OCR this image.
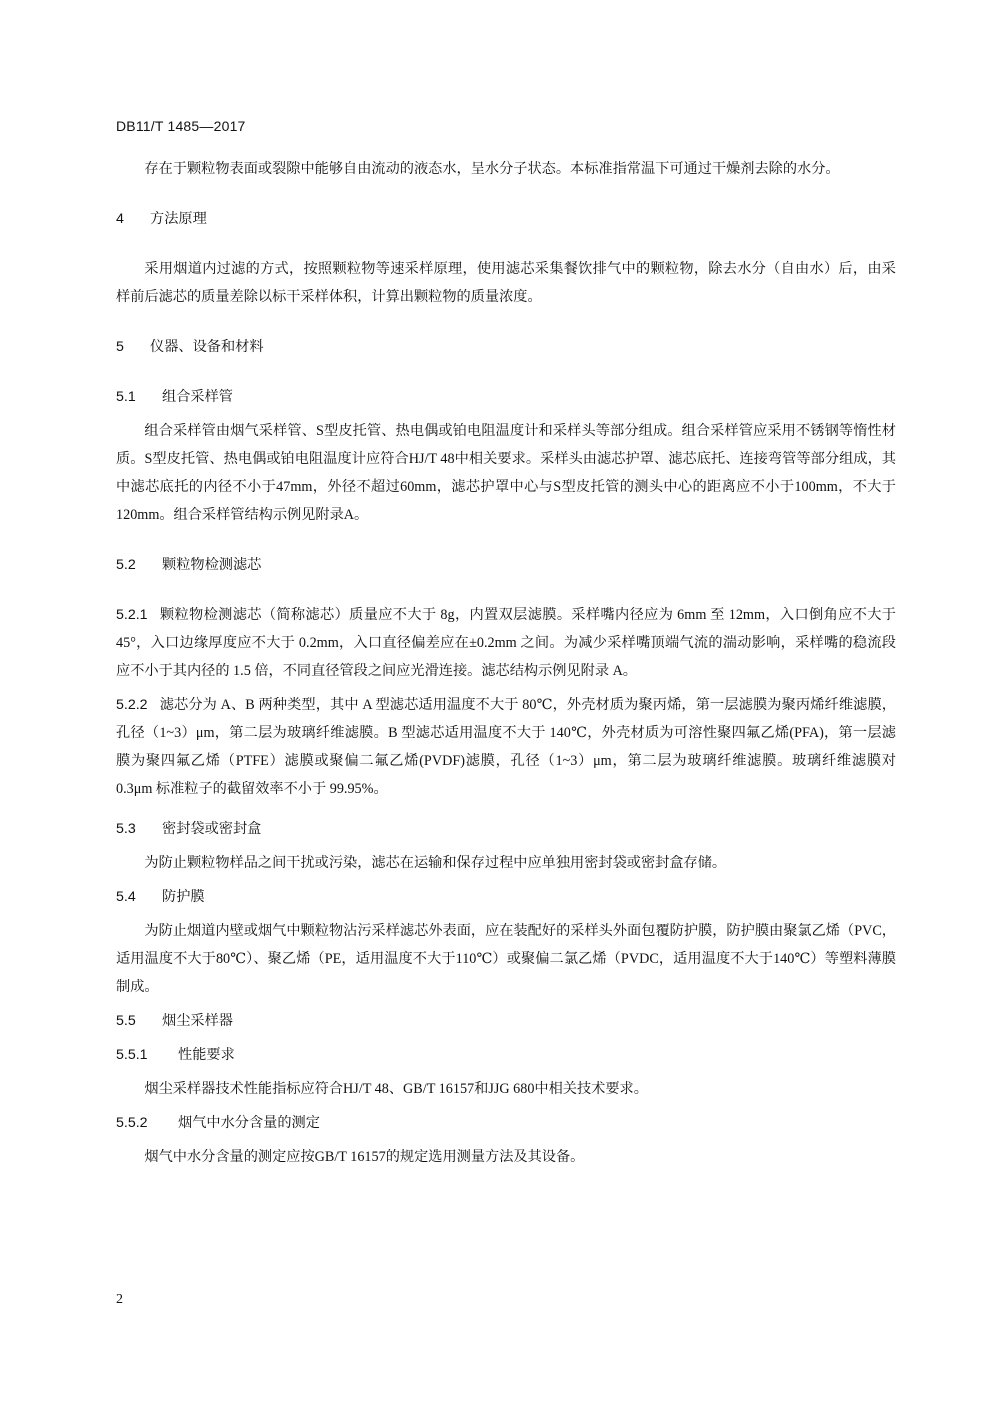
DB11/T 1485—2017

存在于颗粒物表面或裂隙中能够自由流动的液态水，呈水分子状态。本标准指常温下可通过干燥剂去除的水分。

4 方法原理

采用烟道内过滤的方式，按照颗粒物等速采样原理，使用滤芯采集餐饮排气中的颗粒物，除去水分（自由水）后，由采样前后滤芯的质量差除以标干采样体积，计算出颗粒物的质量浓度。

5 仪器、设备和材料

5.1 组合采样管

组合采样管由烟气采样管、S型皮托管、热电偶或铂电阻温度计和采样头等部分组成。组合采样管应采用不锈钢等惰性材质。S型皮托管、热电偶或铂电阻温度计应符合HJ/T 48中相关要求。采样头由滤芯护罩、滤芯底托、连接弯管等部分组成，其中滤芯底托的内径不小于47mm，外径不超过60mm，滤芯护罩中心与S型皮托管的测头中心的距离应不小于100mm，不大于120mm。组合采样管结构示例见附录A。

5.2 颗粒物检测滤芯

5.2.1 颗粒物检测滤芯（简称滤芯）质量应不大于 8g，内置双层滤膜。采样嘴内径应为 6mm 至 12mm，入口倒角应不大于 45°，入口边缘厚度应不大于 0.2mm，入口直径偏差应在±0.2mm 之间。为减少采样嘴顶端气流的湍动影响，采样嘴的稳流段应不小于其内径的 1.5 倍，不同直径管段之间应光滑连接。滤芯结构示例见附录 A。

5.2.2 滤芯分为 A、B 两种类型，其中 A 型滤芯适用温度不大于 80℃，外壳材质为聚丙烯，第一层滤膜为聚丙烯纤维滤膜，孔径（1~3）μm，第二层为玻璃纤维滤膜。B 型滤芯适用温度不大于 140℃，外壳材质为可溶性聚四氟乙烯(PFA)，第一层滤膜为聚四氟乙烯（PTFE）滤膜或聚偏二氟乙烯(PVDF)滤膜，孔径（1~3）μm，第二层为玻璃纤维滤膜。玻璃纤维滤膜对 0.3μm 标准粒子的截留效率不小于 99.95%。

5.3 密封袋或密封盒

为防止颗粒物样品之间干扰或污染，滤芯在运输和保存过程中应单独用密封袋或密封盒存储。

5.4 防护膜

为防止烟道内壁或烟气中颗粒物沾污采样滤芯外表面，应在装配好的采样头外面包覆防护膜，防护膜由聚氯乙烯（PVC，适用温度不大于80℃）、聚乙烯（PE，适用温度不大于110℃）或聚偏二氯乙烯（PVDC，适用温度不大于140℃）等塑料薄膜制成。

5.5 烟尘采样器

5.5.1 性能要求

烟尘采样器技术性能指标应符合HJ/T 48、GB/T 16157和JJG 680中相关技术要求。

5.5.2 烟气中水分含量的测定

烟气中水分含量的测定应按GB/T 16157的规定选用测量方法及其设备。

2
